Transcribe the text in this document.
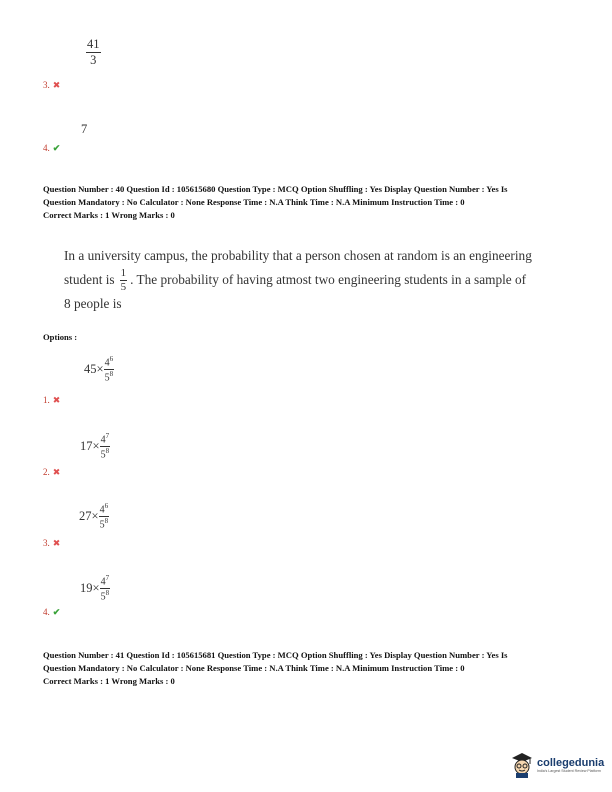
$\frac{41}{3}$
3. ✖
7
4. ✔
Question Number : 40 Question Id : 105615680 Question Type : MCQ Option Shuffling : Yes Display Question Number : Yes Is
Question Mandatory : No Calculator : None Response Time : N.A Think Time : N.A Minimum Instruction Time : 0
Correct Marks : 1 Wrong Marks : 0
In a university campus, the probability that a person chosen at random is an engineering
student is $\frac{1}{5}$ . The probability of having atmost two engineering students in a sample of
8 people is
Options :
$45\times \frac{4^6}{5^8}$
1. ✖
$17\times \frac{4^7}{5^8}$
2. ✖
$27\times \frac{4^6}{5^8}$
3. ✖
$19\times \frac{4^7}{5^8}$
4. ✔
Question Number : 41 Question Id : 105615681 Question Type : MCQ Option Shuffling : Yes Display Question Number : Yes Is
Question Mandatory : No Calculator : None Response Time : N.A Think Time : N.A Minimum Instruction Time : 0
Correct Marks : 1 Wrong Marks : 0
collegedunia
India's Largest Student Review Platform
